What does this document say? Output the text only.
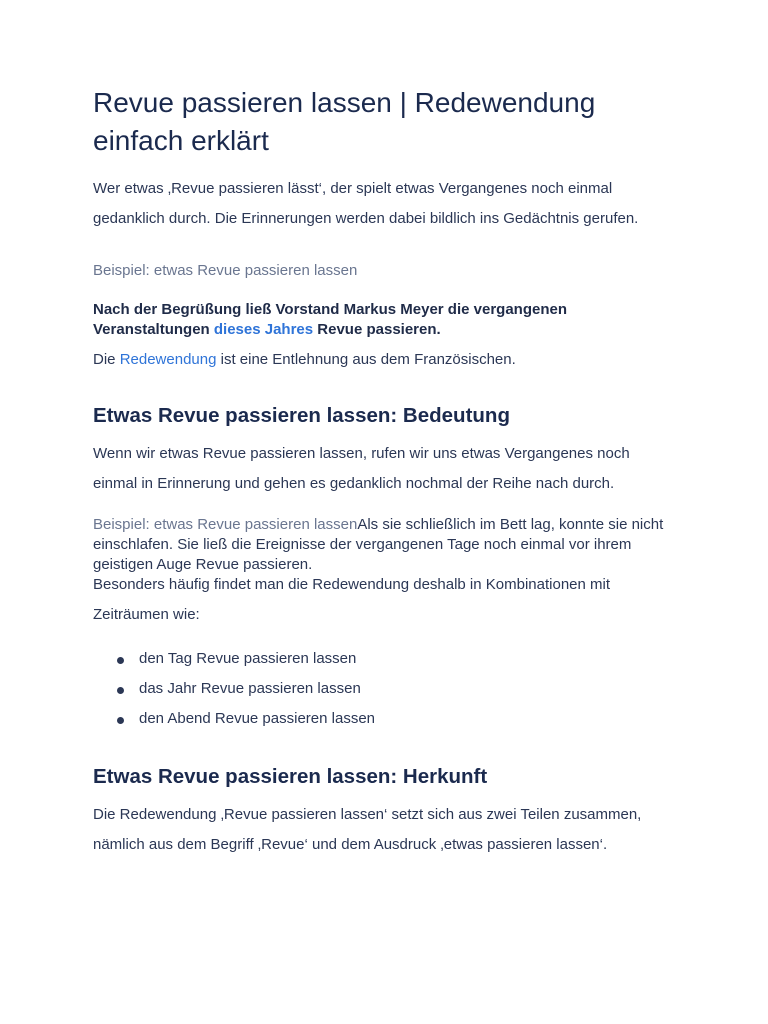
Revue passieren lassen | Redewendung einfach erklärt

Wer etwas ‚Revue passieren lässt‘, der spielt etwas Vergangenes noch einmal gedanklich durch. Die Erinnerungen werden dabei bildlich ins Gedächtnis gerufen.

Beispiel: etwas Revue passieren lassen

Nach der Begrüßung ließ Vorstand Markus Meyer die vergangenen Veranstaltungen dieses Jahres Revue passieren.

Die Redewendung ist eine Entlehnung aus dem Französischen.

Etwas Revue passieren lassen: Bedeutung

Wenn wir etwas Revue passieren lassen, rufen wir uns etwas Vergangenes noch einmal in Erinnerung und gehen es gedanklich nochmal der Reihe nach durch.

Beispiel: etwas Revue passieren lassenAls sie schließlich im Bett lag, konnte sie nicht einschlafen. Sie ließ die Ereignisse der vergangenen Tage noch einmal vor ihrem geistigen Auge Revue passieren.

Besonders häufig findet man die Redewendung deshalb in Kombinationen mit Zeiträumen wie:

den Tag Revue passieren lassen
das Jahr Revue passieren lassen
den Abend Revue passieren lassen
Etwas Revue passieren lassen: Herkunft

Die Redewendung ‚Revue passieren lassen‘ setzt sich aus zwei Teilen zusammen, nämlich aus dem Begriff ‚Revue‘ und dem Ausdruck ‚etwas passieren lassen‘.
